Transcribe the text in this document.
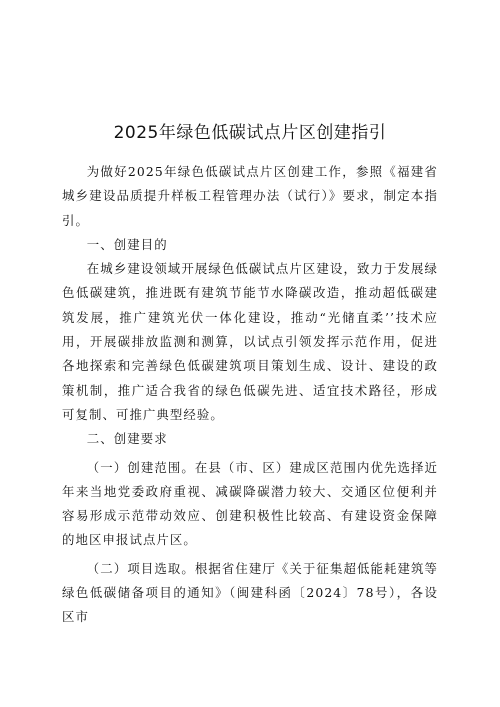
2025年绿色低碳试点片区创建指引

为做好2025年绿色低碳试点片区创建工作，参照《福建省城乡建设品质提升样板工程管理办法（试行）》要求，制定本指引。

一、创建目的

在城乡建设领域开展绿色低碳试点片区建设，致力于发展绿色低碳建筑，推进既有建筑节能节水降碳改造，推动超低碳建筑发展，推广建筑光伏一体化建设，推动“光储直柔’’技术应用，开展碳排放监测和测算，以试点引领发挥示范作用，促进各地探索和完善绿色低碳建筑项目策划生成、设计、建设的政策机制，推广适合我省的绿色低碳先进、适宜技术路径，形成可复制、可推广典型经验。

二、创建要求

（一）创建范围。在县（市、区）建成区范围内优先选择近年来当地党委政府重视、减碳降碳潜力较大、交通区位便利并容易形成示范带动效应、创建积极性比较高、有建设资金保障的地区申报试点片区。

（二）项目选取。根据省住建厅《关于征集超低能耗建筑等绿色低碳储备项目的通知》（闽建科函〔2024〕78号），各设区市
